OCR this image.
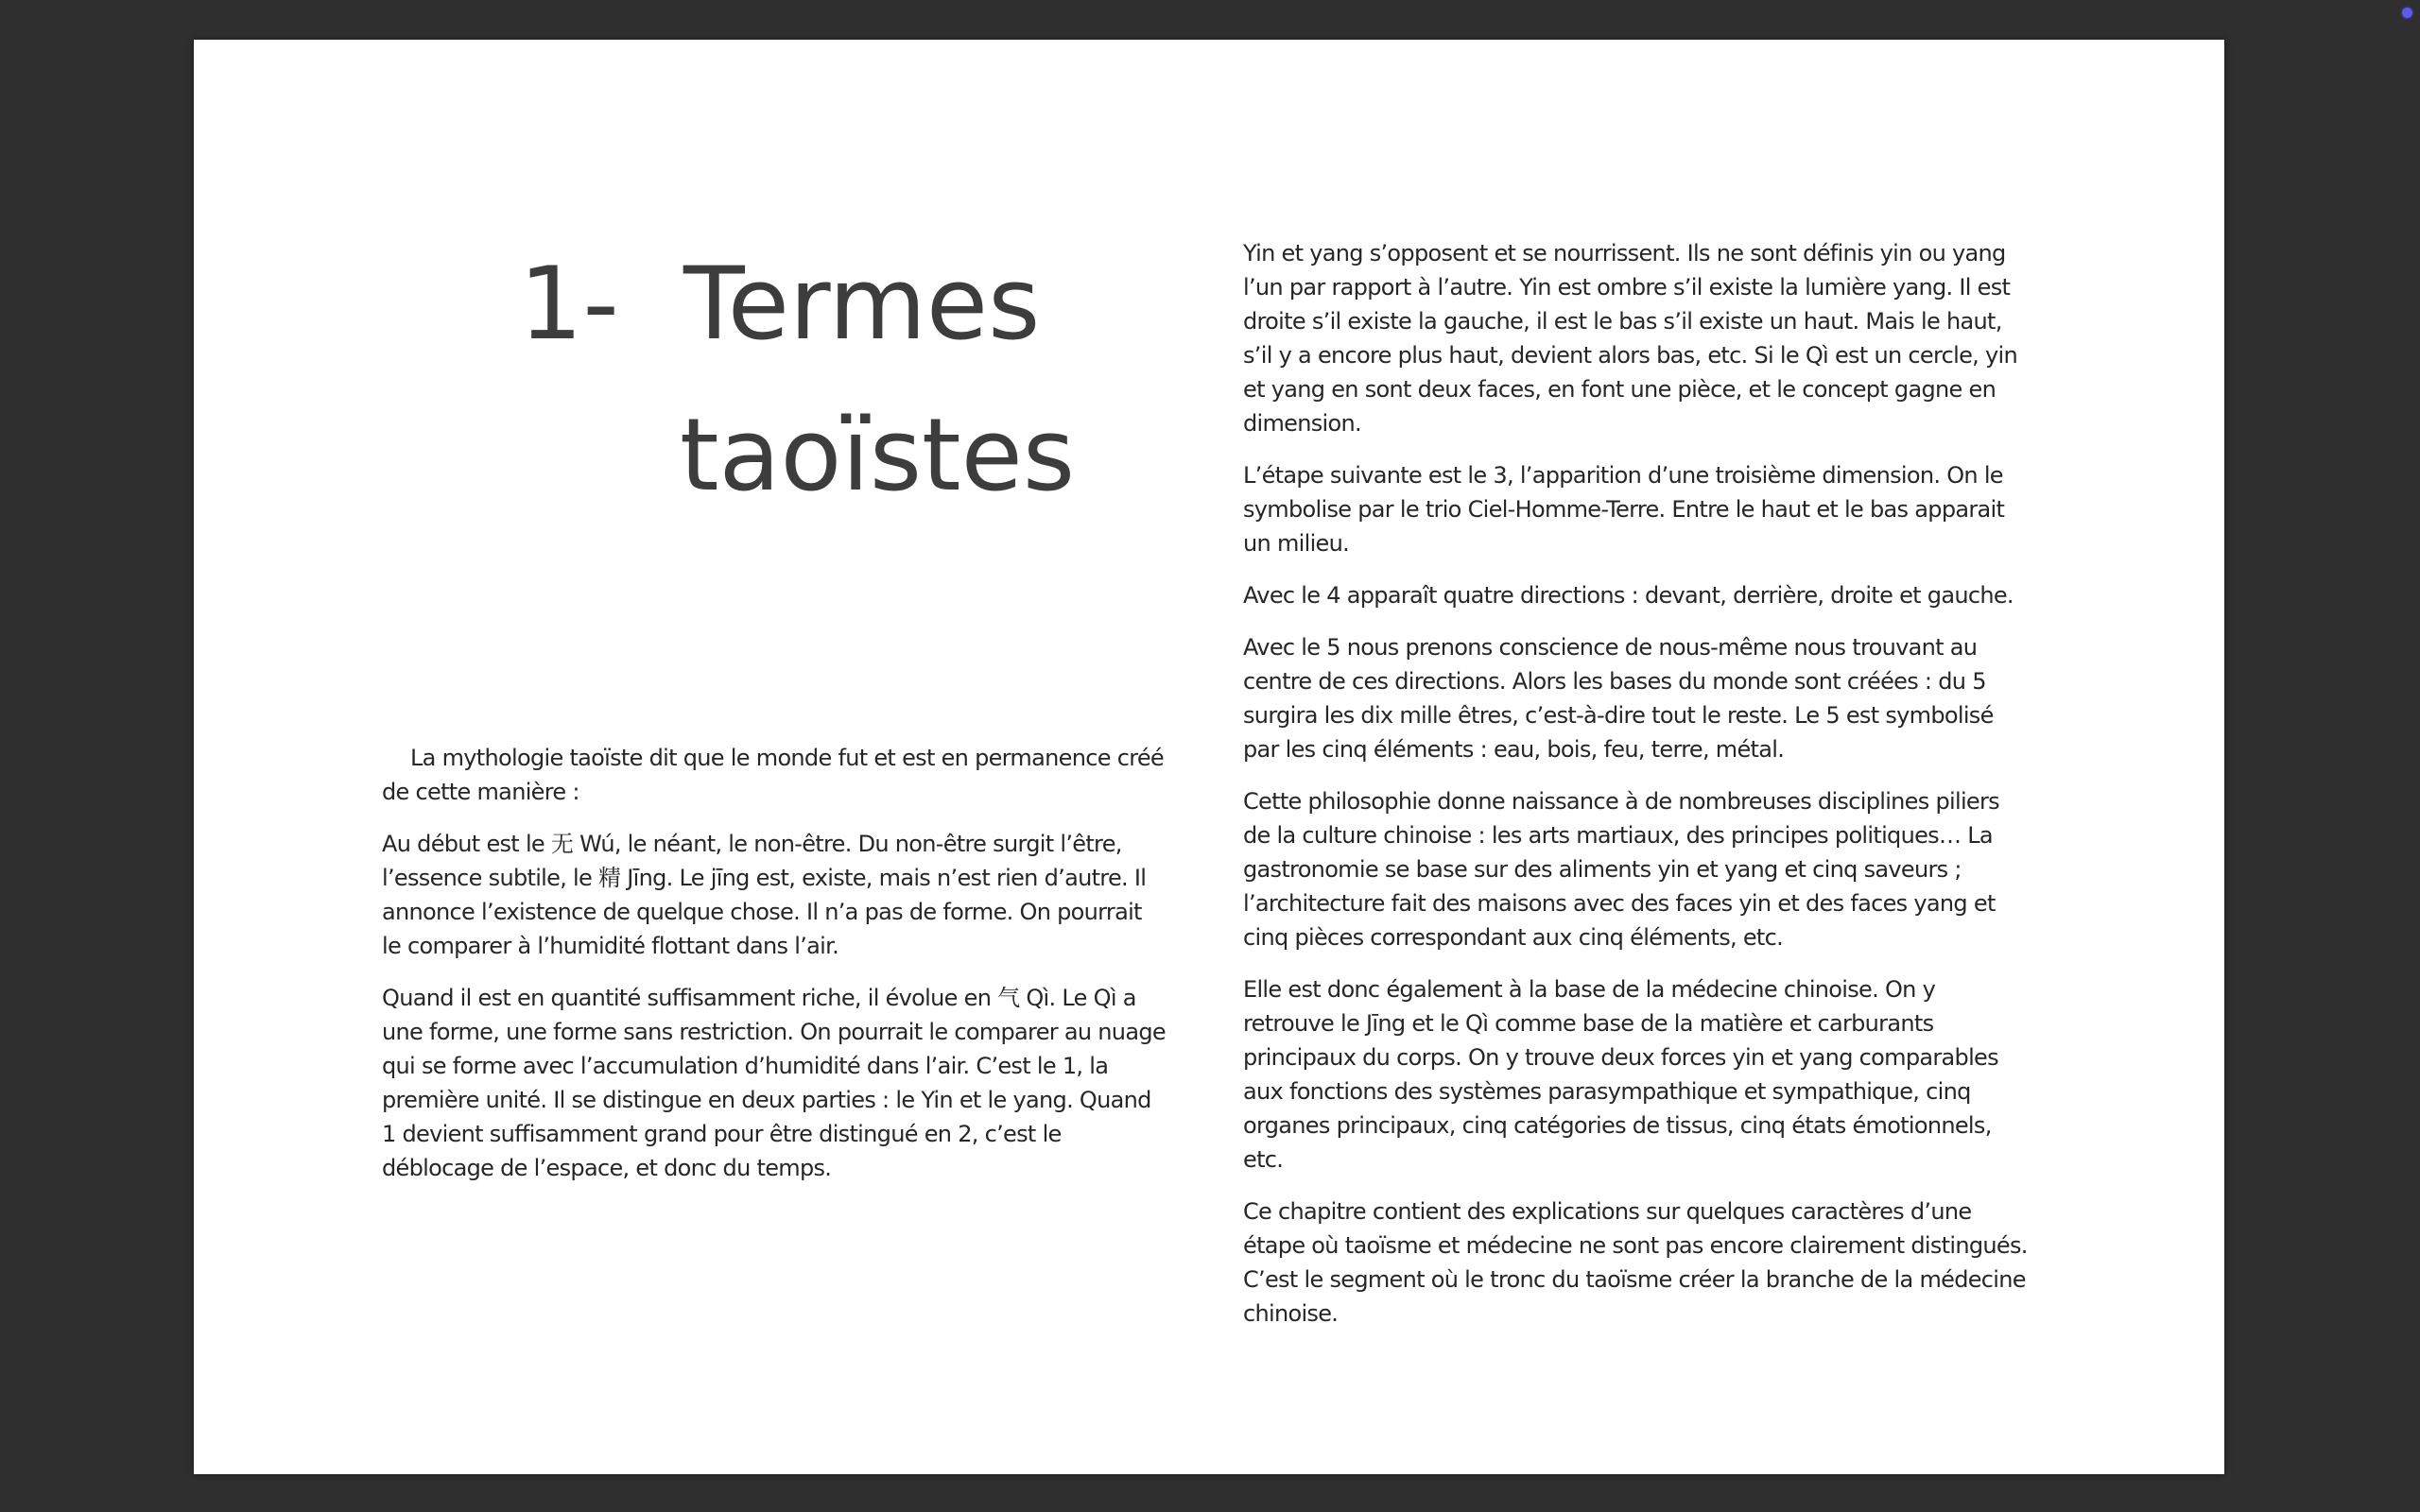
1- Termes
taoïstes

La mythologie taoïste dit que le monde fut et est en permanence créé de cette manière :

Au début est le 无 Wú, le néant, le non-être. Du non-être surgit l’être, l’essence subtile, le 精 Jīng. Le jīng est, existe, mais n’est rien d’autre. Il annonce l’existence de quelque chose. Il n’a pas de forme. On pourrait le comparer à l’humidité flottant dans l’air.

Quand il est en quantité suffisamment riche, il évolue en 气 Qì. Le Qì a une forme, une forme sans restriction. On pourrait le comparer au nuage qui se forme avec l’accumulation d’humidité dans l’air. C’est le 1, la première unité. Il se distingue en deux parties : le Yin et le yang. Quand 1 devient suffisamment grand pour être distingué en 2, c’est le déblocage de l’espace, et donc du temps.

Yin et yang s’opposent et se nourrissent. Ils ne sont définis yin ou yang l’un par rapport à l’autre. Yin est ombre s’il existe la lumière yang. Il est droite s’il existe la gauche, il est le bas s’il existe un haut. Mais le haut, s’il y a encore plus haut, devient alors bas, etc. Si le Qì est un cercle, yin et yang en sont deux faces, en font une pièce, et le concept gagne en dimension.

L’étape suivante est le 3, l’apparition d’une troisième dimension. On le symbolise par le trio Ciel-Homme-Terre. Entre le haut et le bas apparait un milieu.

Avec le 4 apparaît quatre directions : devant, derrière, droite et gauche.

Avec le 5 nous prenons conscience de nous-même nous trouvant au centre de ces directions. Alors les bases du monde sont créées : du 5 surgira les dix mille êtres, c’est-à-dire tout le reste. Le 5 est symbolisé par les cinq éléments : eau, bois, feu, terre, métal.

Cette philosophie donne naissance à de nombreuses disciplines piliers de la culture chinoise : les arts martiaux, des principes politiques… La gastronomie se base sur des aliments yin et yang et cinq saveurs ; l’architecture fait des maisons avec des faces yin et des faces yang et cinq pièces correspondant aux cinq éléments, etc.

Elle est donc également à la base de la médecine chinoise. On y retrouve le Jīng et le Qì comme base de la matière et carburants principaux du corps. On y trouve deux forces yin et yang comparables aux fonctions des systèmes parasympathique et sympathique, cinq organes principaux, cinq catégories de tissus, cinq états émotionnels, etc.

Ce chapitre contient des explications sur quelques caractères d’une étape où taoïsme et médecine ne sont pas encore clairement distingués. C’est le segment où le tronc du taoïsme créer la branche de la médecine chinoise.
